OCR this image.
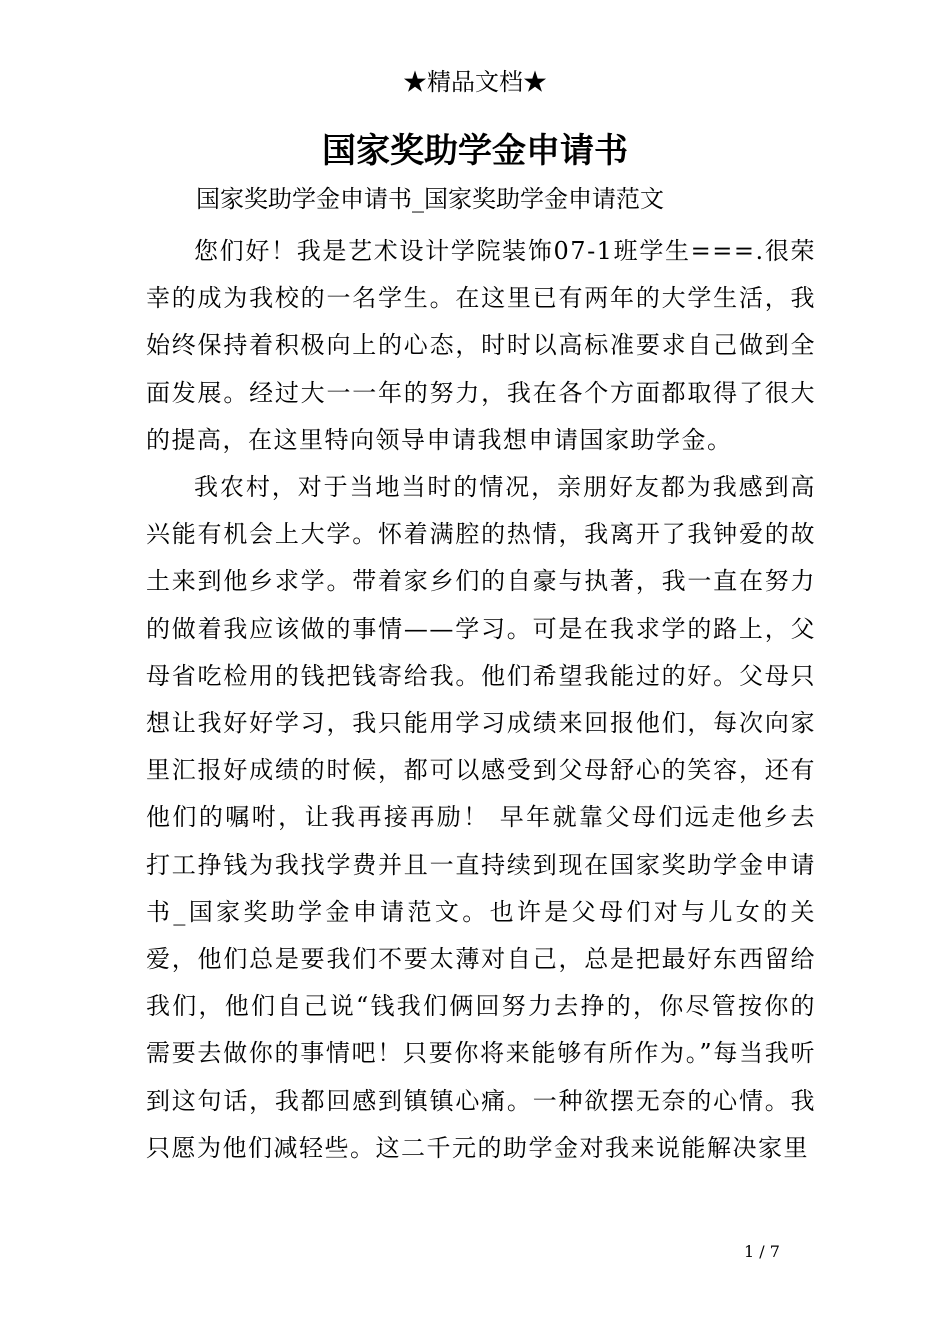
★精品文档★
国家奖助学金申请书
国家奖助学金申请书_国家奖助学金申请范文

您们好！我是艺术设计学院装饰07-1班学生===.很荣幸的成为我校的一名学生。在这里已有两年的大学生活，我始终保持着积极向上的心态，时时以高标准要求自己做到全面发展。经过大一一年的努力，我在各个方面都取得了很大的提高，在这里特向领导申请我想申请国家助学金。

我农村，对于当地当时的情况，亲朋好友都为我感到高兴能有机会上大学。怀着满腔的热情，我离开了我钟爱的故土来到他乡求学。带着家乡们的自豪与执著，我一直在努力的做着我应该做的事情——学习。可是在我求学的路上，父母省吃检用的钱把钱寄给我。他们希望我能过的好。父母只想让我好好学习，我只能用学习成绩来回报他们，每次向家里汇报好成绩的时候，都可以感受到父母舒心的笑容，还有他们的嘱咐，让我再接再励！ 早年就靠父母们远走他乡去打工挣钱为我找学费并且一直持续到现在国家奖助学金申请书_国家奖助学金申请范文。也许是父母们对与儿女的关爱，他们总是要我们不要太薄对自己，总是把最好东西留给我们，他们自己说“钱我们俩回努力去挣的，你尽管按你的需要去做你的事情吧！只要你将来能够有所作为。”每当我听到这句话，我都回感到镇镇心痛。一种欲摆无奈的心情。我只愿为他们减轻些。这二千元的助学金对我来说能解决家里

1 / 7
